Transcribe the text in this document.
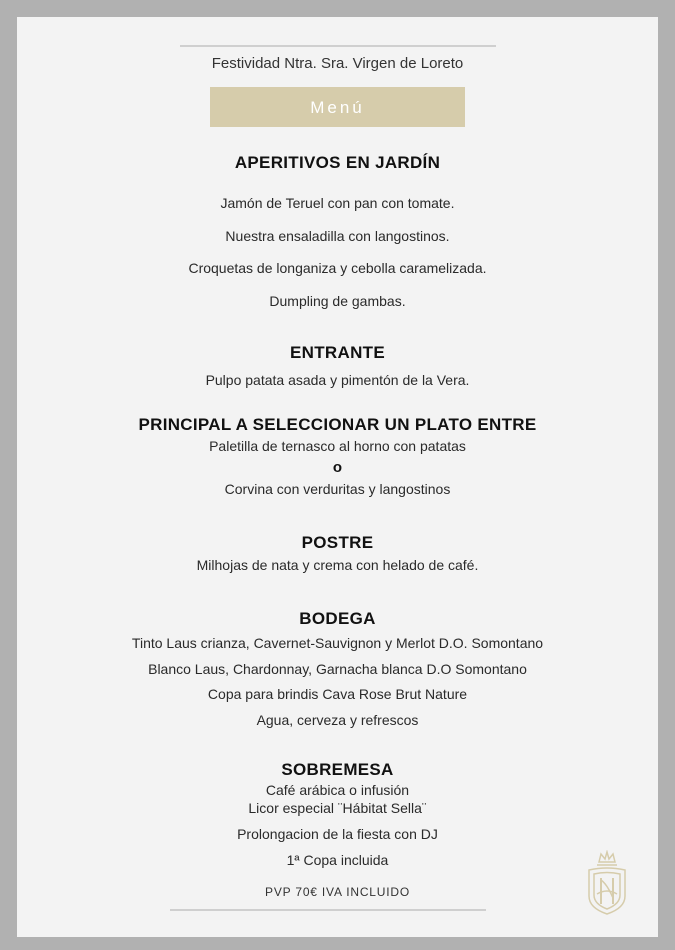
Festividad Ntra. Sra. Virgen de Loreto
Menú
APERITIVOS EN JARDÍN
Jamón de Teruel con pan con tomate.
Nuestra ensaladilla con langostinos.
Croquetas de longaniza y cebolla caramelizada.
Dumpling de gambas.
ENTRANTE
Pulpo patata asada y pimentón de la Vera.
PRINCIPAL A SELECCIONAR UN PLATO ENTRE
Paletilla de ternasco al horno con patatas
o
Corvina con verduritas y langostinos
POSTRE
Milhojas de nata y crema con helado de café.
BODEGA
Tinto Laus crianza, Cavernet-Sauvignon y Merlot D.O. Somontano
Blanco Laus, Chardonnay, Garnacha blanca D.O Somontano
Copa para brindis Cava Rose Brut Nature
Agua, cerveza y refrescos
SOBREMESA
Café arábica o infusión
Licor especial ¨Hábitat Sella¨
Prolongacion de la fiesta con DJ
1ª Copa incluida
PVP 70€ IVA INCLUIDO
